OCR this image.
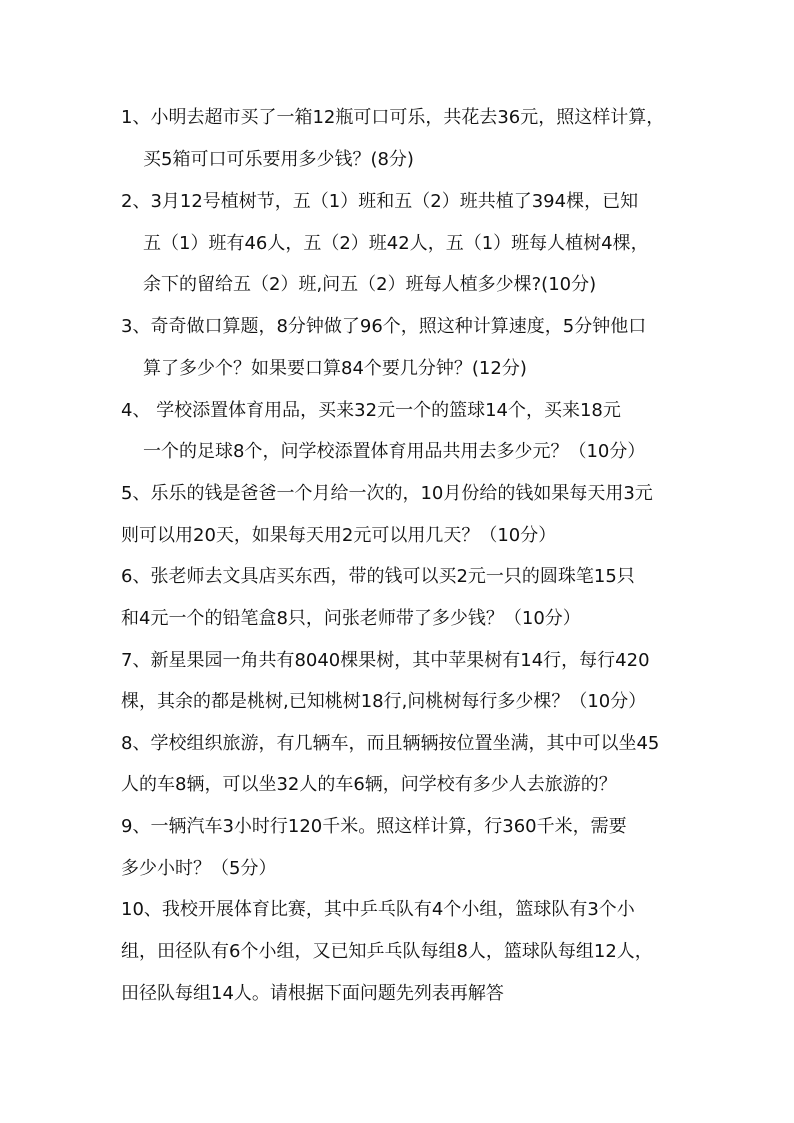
1、小明去超市买了一箱12瓶可口可乐，共花去36元，照这样计算，
买5箱可口可乐要用多少钱？(8分)
2、3月12号植树节，五（1）班和五（2）班共植了394棵，已知
五（1）班有46人，五（2）班42人，五（1）班每人植树4棵，
余下的留给五（2）班,问五（2）班每人植多少棵?(10分)
3、奇奇做口算题，8分钟做了96个，照这种计算速度，5分钟他口
算了多少个？如果要口算84个要几分钟？(12分)
4、 学校添置体育用品，买来32元一个的篮球14个，买来18元
一个的足球8个，问学校添置体育用品共用去多少元？（10分）
5、乐乐的钱是爸爸一个月给一次的，10月份给的钱如果每天用3元
则可以用20天，如果每天用2元可以用几天？（10分）
6、张老师去文具店买东西，带的钱可以买2元一只的圆珠笔15只
和4元一个的铅笔盒8只，问张老师带了多少钱？（10分）
7、新星果园一角共有8040棵果树，其中苹果树有14行，每行420
棵，其余的都是桃树,已知桃树18行,问桃树每行多少棵？（10分）
8、学校组织旅游，有几辆车，而且辆辆按位置坐满，其中可以坐45
人的车8辆，可以坐32人的车6辆，问学校有多少人去旅游的？
9、一辆汽车3小时行120千米。照这样计算，行360千米，需要
多少小时？（5分）
10、我校开展体育比赛，其中乒乓队有4个小组，篮球队有3个小
组，田径队有6个小组，又已知乒乓队每组8人，篮球队每组12人，
田径队每组14人。请根据下面问题先列表再解答
